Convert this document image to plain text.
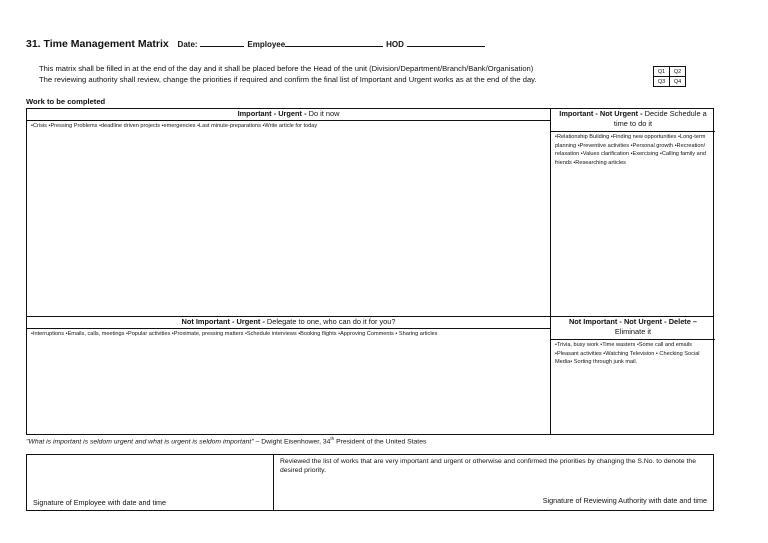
31. Time Management Matrix Date:	Employee	HOD
This matrix shall be filled in at the end of the day and it shall be placed before the Head of the unit (Division/Department/Branch/Bank/Organisation)
The reviewing authority shall review, change the priorities if required and confirm the final list of Important and Urgent works as at the end of the day.
Q1	Q2
Q3	Q4
Work to be completed
Important - Urgent - Do it now
•Crisis •Pressing Problems •deadline driven projects •emergencies •Last minute-preparations •Write article for today
Important - Not Urgent - Decide Schedule a time to do it
•Relationship Building •Finding new opportunities •Long-term planning •Preventive activities •Personal growth •Recreation/ relaxation •Values clarification •Exercising •Calling family and friends •Researching articles
Not Important - Urgent - Delegate to one, who can do it for you?
•Interruptions •Emails, calls, meetings •Popular activities •Proximate, pressing matters •Schedule interviews •Booking flights •Approving Comments • Sharing articles
Not Important - Not Urgent - Delete – Eliminate it
•Trivia, busy work •Time wasters •Some call and emails •Pleasant activities •Watching Television • Checking Social Media• Sorting through junk mail.
"What is important is seldom urgent and what is urgent is seldom important" – Dwight Eisenhower, 34th President of the United States
Signature of Employee with date and time
Reviewed the list of works that are very important and urgent or otherwise and confirmed the priorities by changing the S.No. to denote the desired priority.
Signature of Reviewing Authority with date and time
